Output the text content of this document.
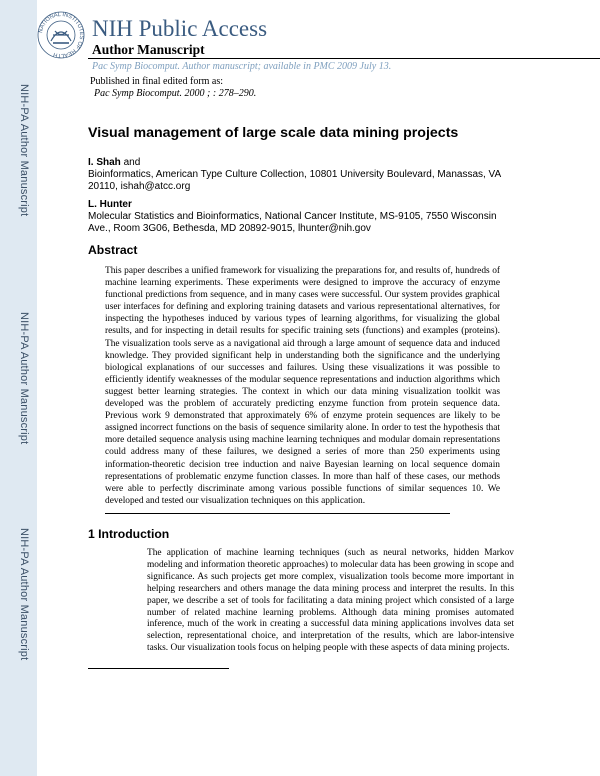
NIH-PA Author Manuscript
NIH-PA Author Manuscript
NIH-PA Author Manuscript
NATIONAL INSTITUTES OF HEALTH
NIH Public Access
Author Manuscript
Pac Symp Biocomput. Author manuscript; available in PMC 2009 July 13.
Published in final edited form as:
Pac Symp Biocomput. 2000 ; : 278–290.
Visual management of large scale data mining projects
I. Shah and
Bioinformatics, American Type Culture Collection, 10801 University Boulevard, Manassas, VA 20110, ishah@atcc.org
L. Hunter
Molecular Statistics and Bioinformatics, National Cancer Institute, MS-9105, 7550 Wisconsin Ave., Room 3G06, Bethesda, MD 20892-9015, lhunter@nih.gov
Abstract

This paper describes a unified framework for visualizing the preparations for, and results of, hundreds of machine learning experiments. These experiments were designed to improve the accuracy of enzyme functional predictions from sequence, and in many cases were successful. Our system provides graphical user interfaces for defining and exploring training datasets and various representational alternatives, for inspecting the hypotheses induced by various types of learning algorithms, for visualizing the global results, and for inspecting in detail results for specific training sets (functions) and examples (proteins). The visualization tools serve as a navigational aid through a large amount of sequence data and induced knowledge. They provided significant help in understanding both the significance and the underlying biological explanations of our successes and failures. Using these visualizations it was possible to efficiently identify weaknesses of the modular sequence representations and induction algorithms which suggest better learning strategies. The context in which our data mining visualization toolkit was developed was the problem of accurately predicting enzyme function from protein sequence data. Previous work 9 demonstrated that approximately 6% of enzyme protein sequences are likely to be assigned incorrect functions on the basis of sequence similarity alone. In order to test the hypothesis that more detailed sequence analysis using machine learning techniques and modular domain representations could address many of these failures, we designed a series of more than 250 experiments using information-theoretic decision tree induction and naive Bayesian learning on local sequence domain representations of problematic enzyme function classes. In more than half of these cases, our methods were able to perfectly discriminate among various possible functions of similar sequences 10. We developed and tested our visualization techniques on this application.

1 Introduction

The application of machine learning techniques (such as neural networks, hidden Markov modeling and information theoretic approaches) to molecular data has been growing in scope and significance. As such projects get more complex, visualization tools become more important in helping researchers and others manage the data mining process and interpret the results. In this paper, we describe a set of tools for facilitating a data mining project which consisted of a large number of related machine learning problems. Although data mining promises automated inference, much of the work in creating a successful data mining applications involves data set selection, representational choice, and interpretation of the results, which are labor-intensive tasks. Our visualization tools focus on helping people with these aspects of data mining projects.
